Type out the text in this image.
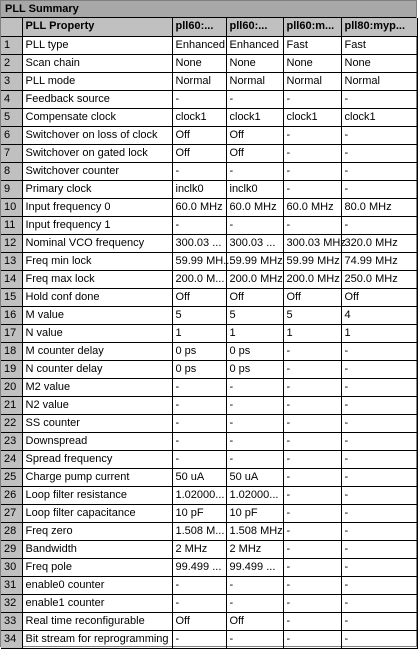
PLL Summary
	PLL Property	pll60:...	pll60:...	pll60:m...	pll80:myp...
1	PLL type	Enhanced	Enhanced	Fast	Fast
2	Scan chain	None	None	None	None
3	PLL mode	Normal	Normal	Normal	Normal
4	Feedback source	-	-	-	-
5	Compensate clock	clock1	clock1	clock1	clock1
6	Switchover on loss of clock	Off	Off	-	-
7	Switchover on gated lock	Off	Off	-	-
8	Switchover counter	-	-	-	-
9	Primary clock	inclk0	inclk0	-	-
10	Input frequency 0	60.0 MHz	60.0 MHz	60.0 MHz	80.0 MHz
11	Input frequency 1	-	-	-	-
12	Nominal VCO frequency	300.03 ...	300.03 ...	300.03 MHz	320.0 MHz
13	Freq min lock	59.99 MH...	59.99 MHz	59.99 MHz	74.99 MHz
14	Freq max lock	200.0 M...	200.0 MHz	200.0 MHz	250.0 MHz
15	Hold conf done	Off	Off	Off	Off
16	M value	5	5	5	4
17	N value	1	1	1	1
18	M counter delay	0 ps	0 ps	-	-
19	N counter delay	0 ps	0 ps	-	-
20	M2 value	-	-	-	-
21	N2 value	-	-	-	-
22	SS counter	-	-	-	-
23	Downspread	-	-	-	-
24	Spread frequency	-	-	-	-
25	Charge pump current	50 uA	50 uA	-	-
26	Loop filter resistance	1.02000...	1.02000...	-	-
27	Loop filter capacitance	10 pF	10 pF	-	-
28	Freq zero	1.508 M...	1.508 MHz	-	-
29	Bandwidth	2 MHz	2 MHz	-	-
30	Freq pole	99.499 ...	99.499 ...	-	-
31	enable0 counter	-	-	-	-
32	enable1 counter	-	-	-	-
33	Real time reconfigurable	Off	Off	-	-
34	Bit stream for reprogramming	-	-	-	-
